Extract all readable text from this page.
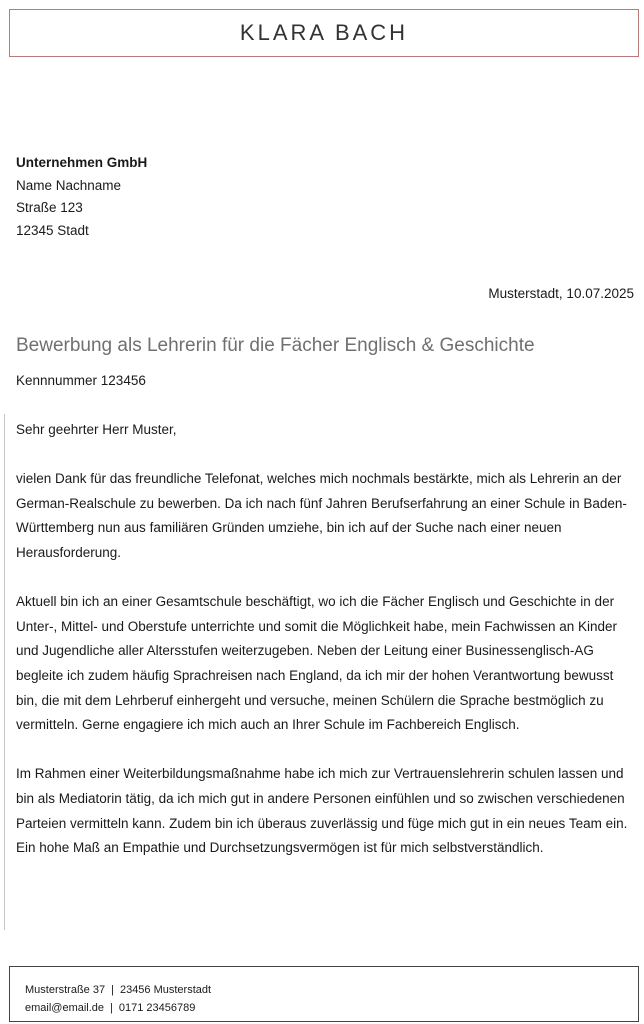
KLARA BACH
Unternehmen GmbH
Name Nachname
Straße 123
12345 Stadt
Musterstadt, 10.07.2025
Bewerbung als Lehrerin für die Fächer Englisch & Geschichte
Kennnummer 123456

Sehr geehrter Herr Muster,

vielen Dank für das freundliche Telefonat, welches mich nochmals bestärkte, mich als Lehrerin an der German-Realschule zu bewerben. Da ich nach fünf Jahren Berufserfahrung an einer Schule in Baden-Württemberg nun aus familiären Gründen umziehe, bin ich auf der Suche nach einer neuen Herausforderung.

Aktuell bin ich an einer Gesamtschule beschäftigt, wo ich die Fächer Englisch und Geschichte in der Unter-, Mittel- und Oberstufe unterrichte und somit die Möglichkeit habe, mein Fachwissen an Kinder und Jugendliche aller Altersstufen weiterzugeben. Neben der Leitung einer Businessenglisch-AG begleite ich zudem häufig Sprachreisen nach England, da ich mir der hohen Verantwortung bewusst bin, die mit dem Lehrberuf einhergeht und versuche, meinen Schülern die Sprache bestmöglich zu vermitteln. Gerne engagiere ich mich auch an Ihrer Schule im Fachbereich Englisch.

Im Rahmen einer Weiterbildungsmaßnahme habe ich mich zur Vertrauenslehrerin schulen lassen und bin als Mediatorin tätig, da ich mich gut in andere Personen einfühlen und so zwischen verschiedenen Parteien vermitteln kann. Zudem bin ich überaus zuverlässig und füge mich gut in ein neues Team ein. Ein hohe Maß an Empathie und Durchsetzungsvermögen ist für mich selbstverständlich.

Musterstraße 37 | 23456 Musterstadt
email@email.de | 0171 23456789
